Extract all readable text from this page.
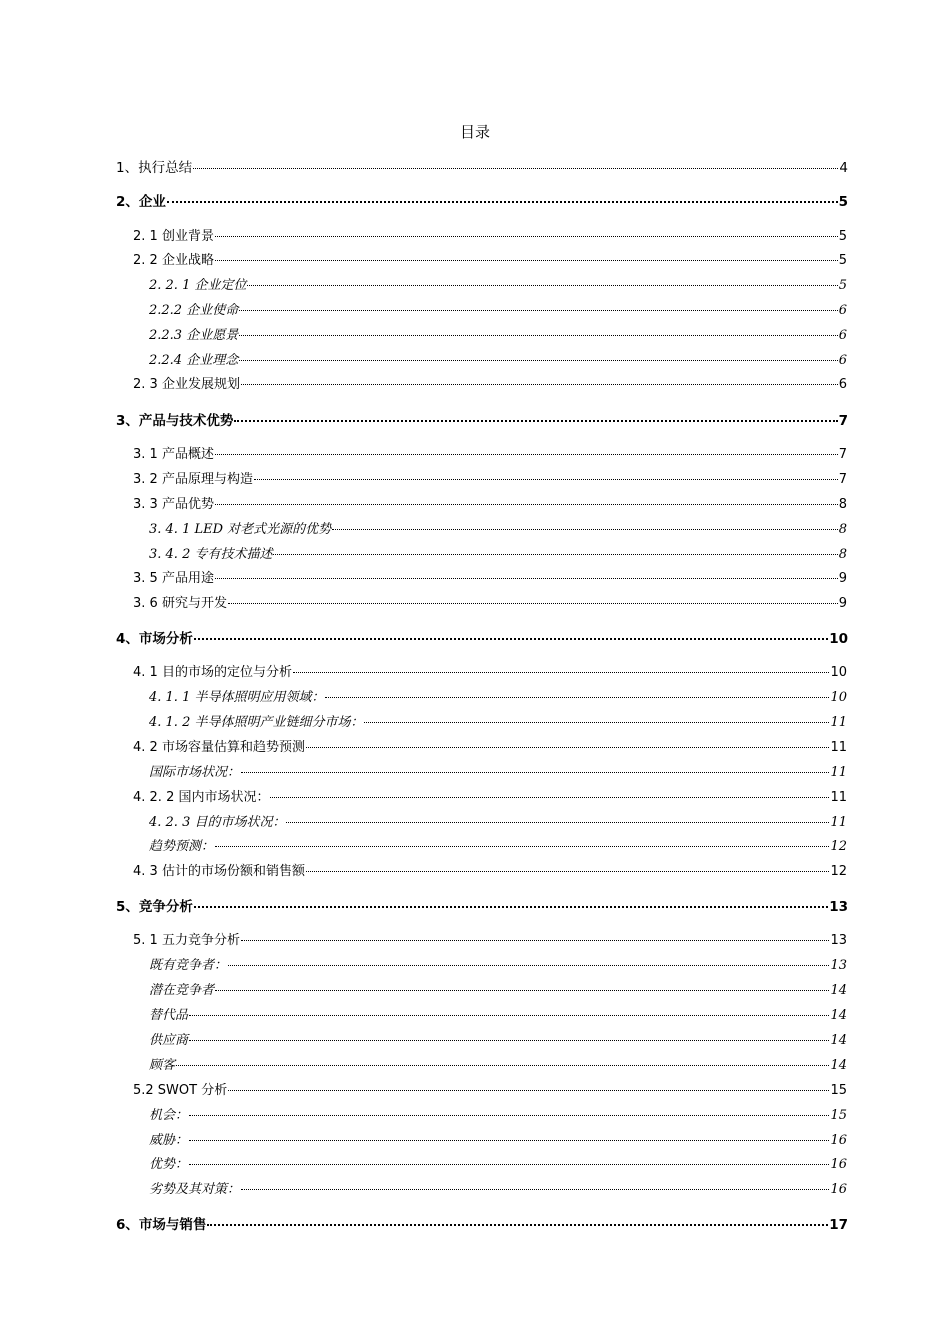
目录
1、执行总结	4
2、企业	5
2. 1 创业背景	5
2. 2 企业战略	5
2. 2. 1 企业定位	5
2.2.2 企业使命	6
2.2.3 企业愿景	6
2.2.4 企业理念	6
2. 3 企业发展规划	6
3、产品与技术优势	7
3. 1 产品概述	7
3. 2 产品原理与构造	7
3. 3 产品优势	8
3. 4. 1 LED 对老式光源的优势	8
3. 4. 2 专有技术描述	8
3. 5 产品用途	9
3. 6 研究与开发	9
4、市场分析	10
4. 1 目的市场的定位与分析	10
4. 1. 1 半导体照明应用领域：	10
4. 1. 2 半导体照明产业链细分市场：	11
4. 2 市场容量估算和趋势预测	11
国际市场状况：	11
4. 2. 2 国内市场状况：	11
4. 2. 3 目的市场状况：	11
趋势预测：	12
4. 3 估计的市场份额和销售额	12
5、竞争分析	13
5. 1 五力竞争分析	13
既有竞争者：	13
潜在竞争者	14
替代品	14
供应商	14
顾客	14
5.2 SWOT 分析	15
机会：	15
威胁：	16
优势：	16
劣势及其对策：	16
6、市场与销售	17
